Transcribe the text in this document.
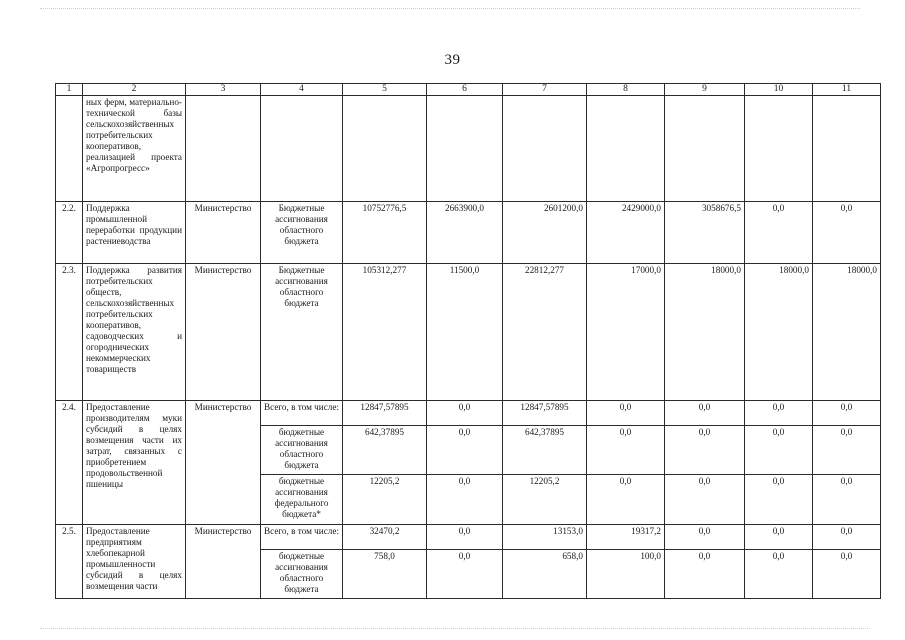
39
1	2	3	4	5	6	7	8	9	10	11
	ных ферм, материально-технической базы сельскохозяйственных потребительских кооперативов, реализацией проекта «Агропрогресс»									
2.2.	Поддержка промышленной переработки продукции растениеводства	Министерство	Бюджетные ассигнования областного бюджета	10752776,5	2663900,0	2601200,0	2429000,0	3058676,5	0,0	0,0
2.3.	Поддержка развития потребительских обществ, сельскохозяйственных потребительских кооперативов, садоводческих и огороднических некоммерческих товариществ	Министерство	Бюджетные ассигнования областного бюджета	105312,277	11500,0	22812,277	17000,0	18000,0	18000,0	18000,0
2.4.	Предоставление производителям муки субсидий в целях возмещения части их затрат, связанных с приобретением продовольственной пшеницы	Министерство	Всего, в том числе:	12847,57895	0,0	12847,57895	0,0	0,0	0,0	0,0
			бюджетные ассигнования областного бюджета	642,37895	0,0	642,37895	0,0	0,0	0,0	0,0
			бюджетные ассигнования федерального бюджета*	12205,2	0,0	12205,2	0,0	0,0	0,0	0,0
2.5.	Предоставление предприятиям хлебопекарной промышленности субсидий в целях возмещения части	Министерство	Всего, в том числе:	32470,2	0,0	13153,0	19317,2	0,0	0,0	0,0
			бюджетные ассигнования областного бюджета	758,0	0,0	658,0	100,0	0,0	0,0	0,0
